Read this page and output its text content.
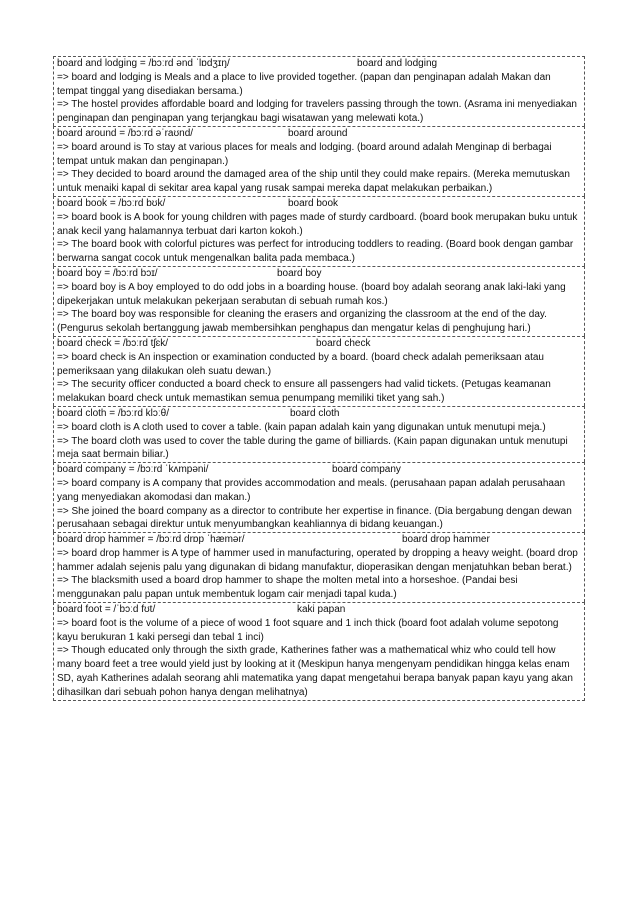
board and lodging = /bɔːrd ənd ˈlɒdʒɪŋ/	board and lodging

=> board and lodging is Meals and a place to live provided together. (papan dan penginapan adalah Makan dan tempat tinggal yang disediakan bersama.)

=> The hostel provides affordable board and lodging for travelers passing through the town. (Asrama ini menyediakan penginapan dan penginapan yang terjangkau bagi wisatawan yang melewati kota.)

board around = /bɔːrd əˈraʊnd/	board around

=> board around is To stay at various places for meals and lodging. (board around adalah Menginap di berbagai tempat untuk makan dan penginapan.)

=> They decided to board around the damaged area of the ship until they could make repairs. (Mereka memutuskan untuk menaiki kapal di sekitar area kapal yang rusak sampai mereka dapat melakukan perbaikan.)

board book = /bɔːrd bʊk/	board book

=> board book is A book for young children with pages made of sturdy cardboard. (board book merupakan buku untuk anak kecil yang halamannya terbuat dari karton kokoh.)

=> The board book with colorful pictures was perfect for introducing toddlers to reading. (Board book dengan gambar berwarna sangat cocok untuk mengenalkan balita pada membaca.)

board boy = /bɔːrd bɔɪ/	board boy

=> board boy is A boy employed to do odd jobs in a boarding house. (board boy adalah seorang anak laki-laki yang dipekerjakan untuk melakukan pekerjaan serabutan di sebuah rumah kos.)

=> The board boy was responsible for cleaning the erasers and organizing the classroom at the end of the day. (Pengurus sekolah bertanggung jawab membersihkan penghapus dan mengatur kelas di penghujung hari.)

board check = /bɔːrd tʃɛk/	board check

=> board check is An inspection or examination conducted by a board. (board check adalah pemeriksaan atau pemeriksaan yang dilakukan oleh suatu dewan.)

=> The security officer conducted a board check to ensure all passengers had valid tickets. (Petugas keamanan melakukan board check untuk memastikan semua penumpang memiliki tiket yang sah.)

board cloth = /bɔːrd klɔːθ/	board cloth

=> board cloth is A cloth used to cover a table. (kain papan adalah kain yang digunakan untuk menutupi meja.)

=> The board cloth was used to cover the table during the game of billiards. (Kain papan digunakan untuk menutupi meja saat bermain biliar.)

board company = /bɔːrd ˈkʌmpəni/	board company

=> board company is A company that provides accommodation and meals. (perusahaan papan adalah perusahaan yang menyediakan akomodasi dan makan.)

=> She joined the board company as a director to contribute her expertise in finance. (Dia bergabung dengan dewan perusahaan sebagai direktur untuk menyumbangkan keahliannya di bidang keuangan.)

board drop hammer = /bɔːrd drɒp ˈhæmər/	board drop hammer

=> board drop hammer is A type of hammer used in manufacturing, operated by dropping a heavy weight. (board drop hammer adalah sejenis palu yang digunakan di bidang manufaktur, dioperasikan dengan menjatuhkan beban berat.)

=> The blacksmith used a board drop hammer to shape the molten metal into a horseshoe. (Pandai besi menggunakan palu papan untuk membentuk logam cair menjadi tapal kuda.)

board foot = /ˈbɔːd fʊt/	kaki papan

=> board foot is the volume of a piece of wood 1 foot square and 1 inch thick (board foot adalah volume sepotong kayu berukuran 1 kaki persegi dan tebal 1 inci)

=> Though educated only through the sixth grade, Katherines father was a mathematical whiz who could tell how many board feet a tree would yield just by looking at it (Meskipun hanya mengenyam pendidikan hingga kelas enam SD, ayah Katherines adalah seorang ahli matematika yang dapat mengetahui berapa banyak papan kayu yang akan dihasilkan dari sebuah pohon hanya dengan melihatnya)
